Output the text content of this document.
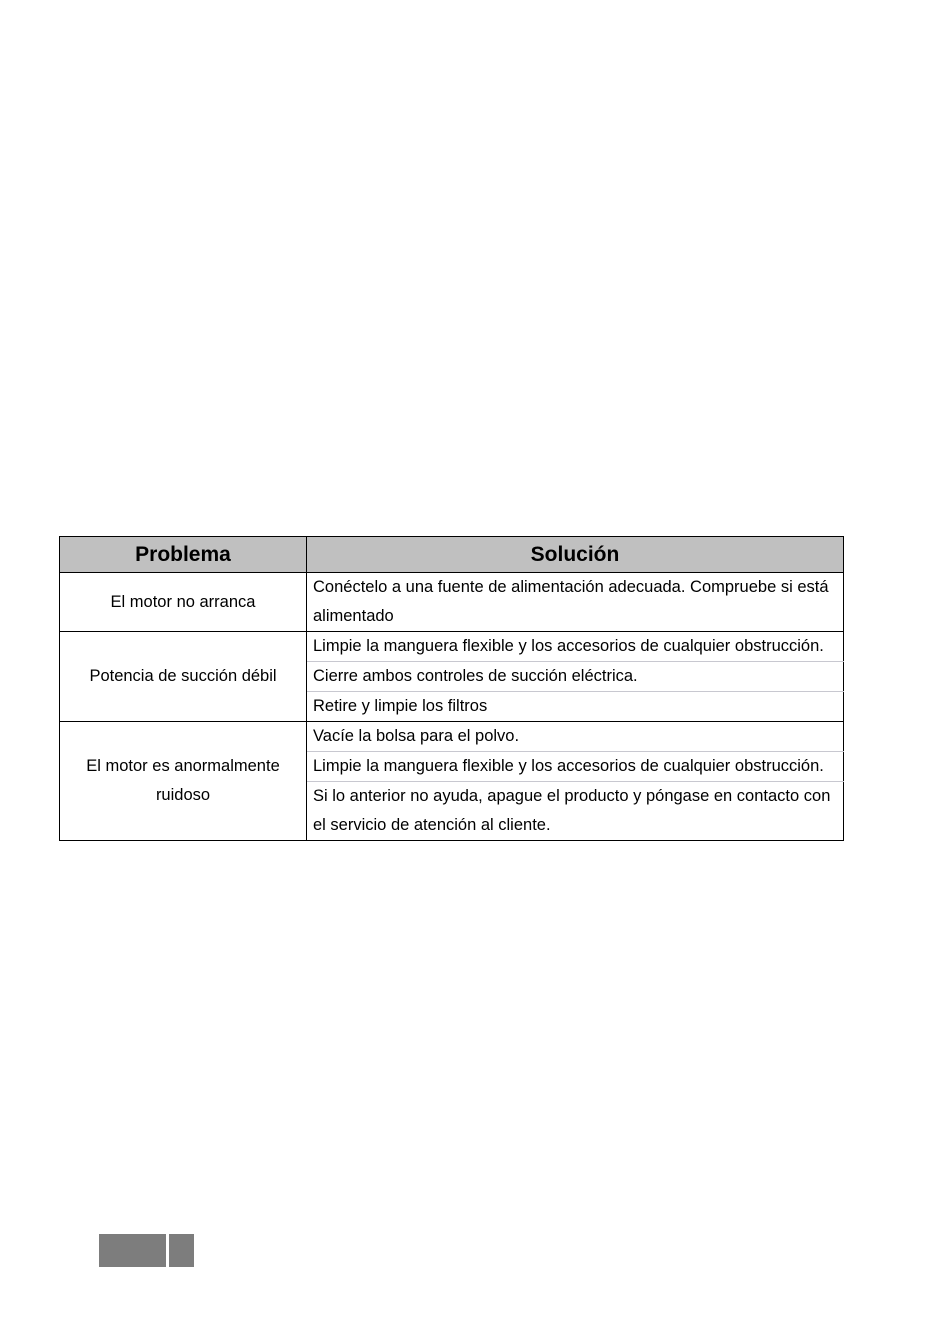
Problema	Solución
El motor no arranca	Conéctelo a una fuente de alimentación adecuada. Compruebe si está alimentado
Potencia de succión débil	Limpie la manguera flexible y los accesorios de cualquier obstrucción.
	Cierre ambos controles de succión eléctrica.
	Retire y limpie los filtros
El motor es anormalmente ruidoso	Vacíe la bolsa para el polvo.
	Limpie la manguera flexible y los accesorios de cualquier obstrucción.
	Si lo anterior no ayuda, apague el producto y póngase en contacto con el servicio de atención al cliente.
